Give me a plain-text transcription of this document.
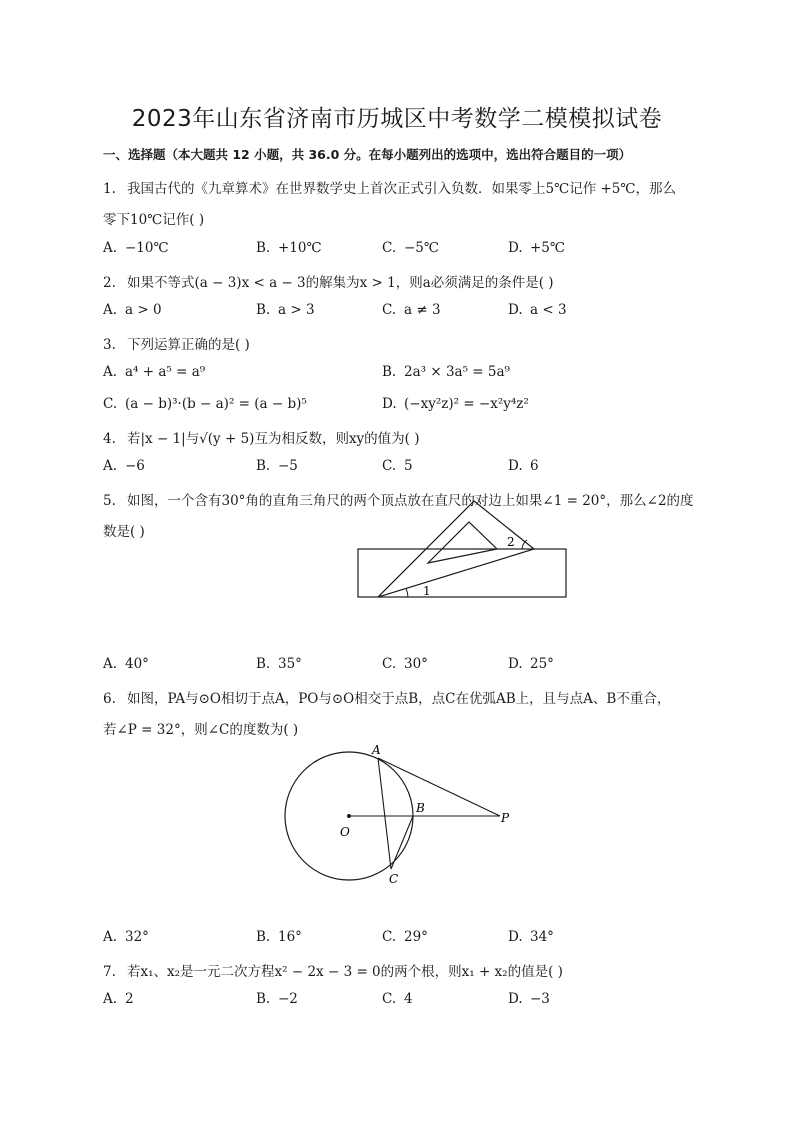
2023年山东省济南市历城区中考数学二模模拟试卷
一、选择题（本大题共 12 小题，共 36.0 分。在每小题列出的选项中，选出符合题目的一项）
1. 我国古代的《九章算术》在世界数学史上首次正式引入负数．如果零上5℃记作 +5℃，那么
零下10℃记作( )
A. −10℃	B. +10℃	C. −5℃	D. +5℃
2. 如果不等式(a − 3)x < a − 3的解集为x > 1，则a必须满足的条件是( )
A. a > 0	B. a > 3	C. a ≠ 3	D. a < 3
3. 下列运算正确的是( )
A. a⁴ + a⁵ = a⁹	B. 2a³ × 3a⁵ = 5a⁹
C. (a − b)³·(b − a)² = (a − b)⁵	D. (−xy²z)² = −x²y⁴z²
4. 若|x − 1|与√(y + 5)互为相反数，则xy的值为( )
A. −6	B. −5	C. 5	D. 6
5. 如图，一个含有30°角的直角三角尺的两个顶点放在直尺的对边上如果∠1 = 20°，那么∠2的度
数是( )
1
2
A. 40°	B. 35°	C. 30°	D. 25°
6. 如图，PA与⊙O相切于点A，PO与⊙O相交于点B，点C在优弧AB上，且与点A、B不重合，
若∠P = 32°，则∠C的度数为( )
A
B
C
O
P
A. 32°	B. 16°	C. 29°	D. 34°
7. 若x₁、x₂是一元二次方程x² − 2x − 3 = 0的两个根，则x₁ + x₂的值是( )
A. 2	B. −2	C. 4	D. −3
